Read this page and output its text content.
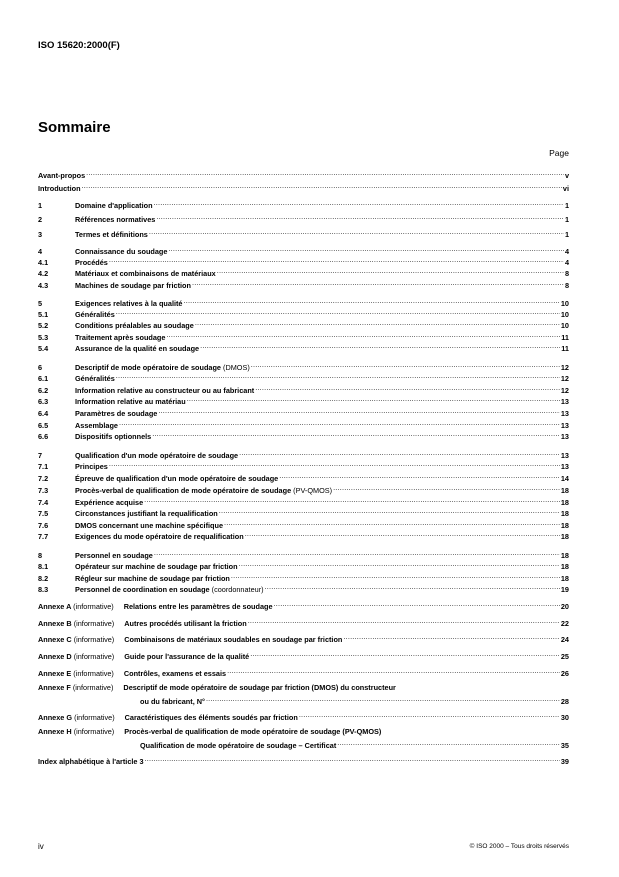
ISO 15620:2000(F)
Sommaire
Page
Avant-propos .....	v
Introduction .....	vi
1	Domaine d'application .....	1
2	Références normatives .....	1
3	Termes et définitions .....	1
4	Connaissance du soudage .....	4
4.1	Procédés .....	4
4.2	Matériaux et combinaisons de matériaux .....	8
4.3	Machines de soudage par friction .....	8
5	Exigences relatives à la qualité .....	10
5.1	Généralités .....	10
5.2	Conditions préalables au soudage .....	10
5.3	Traitement après soudage .....	11
5.4	Assurance de la qualité en soudage .....	11
6	Descriptif de mode opératoire de soudage (DMOS) .....	12
6.1	Généralités .....	12
6.2	Information relative au constructeur ou au fabricant .....	12
6.3	Information relative au matériau .....	13
6.4	Paramètres de soudage .....	13
6.5	Assemblage .....	13
6.6	Dispositifs optionnels .....	13
7	Qualification d'un mode opératoire de soudage .....	13
7.1	Principes .....	13
7.2	Épreuve de qualification d'un mode opératoire de soudage .....	14
7.3	Procès-verbal de qualification de mode opératoire de soudage (PV-QMOS) .....	18
7.4	Expérience acquise .....	18
7.5	Circonstances justifiant la requalification .....	18
7.6	DMOS concernant une machine spécifique .....	18
7.7	Exigences du mode opératoire de requalification .....	18
8	Personnel en soudage .....	18
8.1	Opérateur sur machine de soudage par friction .....	18
8.2	Régleur sur machine de soudage par friction .....	18
8.3	Personnel de coordination en soudage (coordonnateur) .....	19
Annexe A (informative) Relations entre les paramètres de soudage .....	20
Annexe B (informative) Autres procédés utilisant la friction .....	22
Annexe C (informative) Combinaisons de matériaux soudables en soudage par friction .....	24
Annexe D (informative) Guide pour l'assurance de la qualité .....	25
Annexe E (informative) Contrôles, examens et essais .....	26
Annexe F (informative) Descriptif de mode opératoire de soudage par friction (DMOS) du constructeur
ou du fabricant, N° .....	28
Annexe G (informative) Caractéristiques des éléments soudés par friction .....	30
Annexe H (informative) Procès-verbal de qualification de mode opératoire de soudage (PV-QMOS)
Qualification de mode opératoire de soudage – Certificat .....	35
Index alphabétique à l'article 3 .....	39
iv	© ISO 2000 – Tous droits réservés
